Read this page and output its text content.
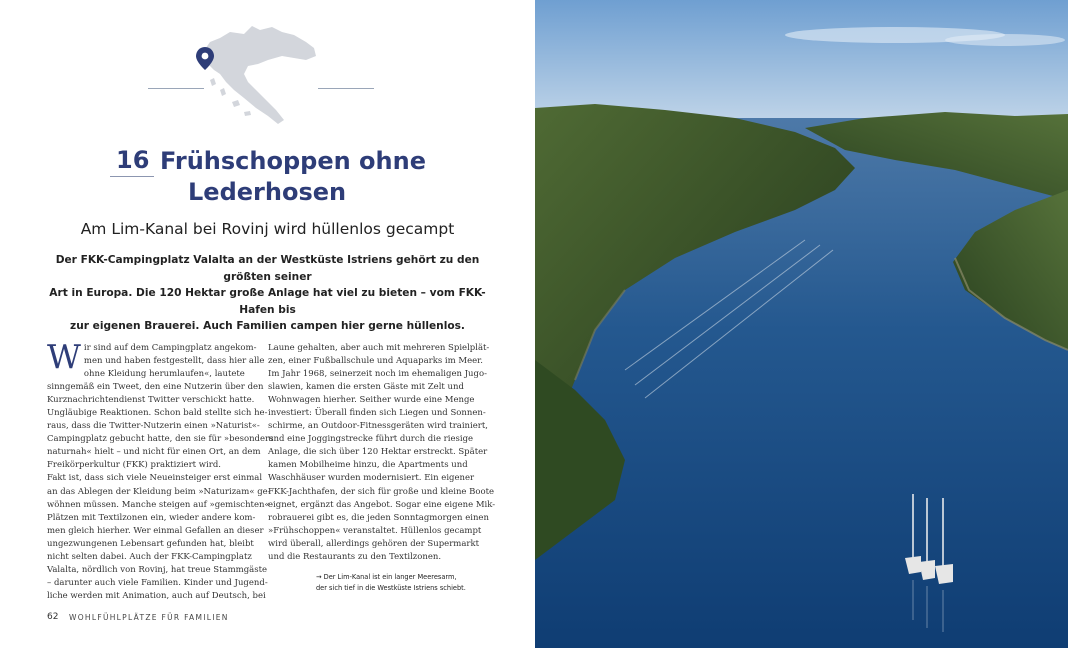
16 Frühschoppen ohne
Lederhosen
Am Lim-Kanal bei Rovinj wird hüllenlos gecampt
Der FKK-Campingplatz Valalta an der Westküste Istriens gehört zu den größten seiner
Art in Europa. Die 120 Hektar große Anlage hat viel zu bieten – vom FKK-Hafen bis
zur eigenen Brauerei. Auch Familien campen hier gerne hüllenlos.
W ir sind auf dem Campingplatz angekom-
men und haben festgestellt, dass hier alle
ohne Kleidung herumlaufen«, lautete
sinngemäß ein Tweet, den eine Nutzerin über den
Kurznachrichtendienst Twitter verschickt hatte.
Ungläubige Reaktionen. Schon bald stellte sich he-
raus, dass die Twitter-Nutzerin einen »Naturist«-
Campingplatz gebucht hatte, den sie für »besonders
naturnah« hielt – und nicht für einen Ort, an dem
Freikörperkultur (FKK) praktiziert wird.
Fakt ist, dass sich viele Neueinsteiger erst einmal
an das Ablegen der Kleidung beim »Naturizam« ge-
wöhnen müssen. Manche steigen auf »gemischten«
Plätzen mit Textilzonen ein, wieder andere kom-
men gleich hierher. Wer einmal Gefallen an dieser
ungezwungenen Lebensart gefunden hat, bleibt
nicht selten dabei. Auch der FKK-Campingplatz
Valalta, nördlich von Rovinj, hat treue Stammgäste
– darunter auch viele Familien. Kinder und Jugend-
liche werden mit Animation, auch auf Deutsch, bei
Laune gehalten, aber auch mit mehreren Spielplät-
zen, einer Fußballschule und Aquaparks im Meer.
Im Jahr 1968, seinerzeit noch im ehemaligen Jugo-
slawien, kamen die ersten Gäste mit Zelt und
Wohnwagen hierher. Seither wurde eine Menge
investiert: Überall finden sich Liegen und Sonnen-
schirme, an Outdoor-Fitnessgeräten wird trainiert,
und eine Joggingstrecke führt durch die riesige
Anlage, die sich über 120 Hektar erstreckt. Später
kamen Mobilheime hinzu, die Apartments und
Waschhäuser wurden modernisiert. Ein eigener
FKK-Jachthafen, der sich für große und kleine Boote
eignet, ergänzt das Angebot. Sogar eine eigene Mik-
robrauerei gibt es, die jeden Sonntagmorgen einen
»Frühschoppen« veranstaltet. Hüllenlos gecampt
wird überall, allerdings gehören der Supermarkt
und die Restaurants zu den Textilzonen.
→ Der Lim-Kanal ist ein langer Meeresarm,
der sich tief in die Westküste Istriens schiebt.
62 WOHLFÜHLPLÄTZE FÜR FAMILIEN
